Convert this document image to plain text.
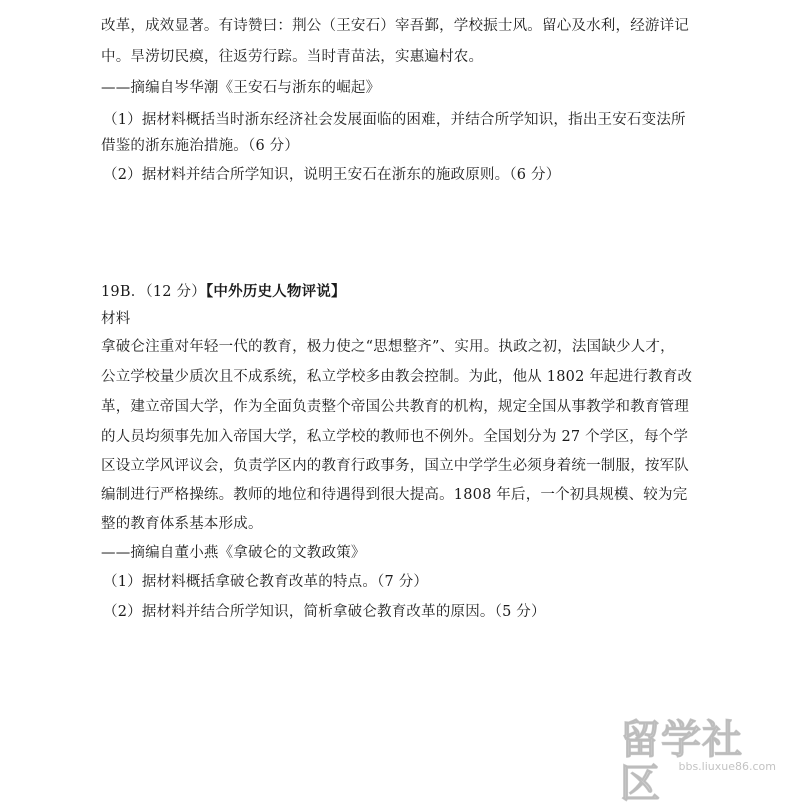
改革，成效显著。有诗赞曰：荆公（王安石）宰吾鄞，学校振士风。留心及水利，经游详记
中。旱涝切民瘼，往返劳行踪。当时青苗法，实惠遍村农。
——摘编自岑华潮《王安石与浙东的崛起》
（1）据材料概括当时浙东经济社会发展面临的困难，并结合所学知识，指出王安石变法所
借鉴的浙东施治措施。（6 分）
（2）据材料并结合所学知识，说明王安石在浙东的施政原则。（6 分）
19B．（12 分）【中外历史人物评说】
材料
拿破仑注重对年轻一代的教育，极力使之“思想整齐”、实用。执政之初，法国缺少人才，
公立学校量少质次且不成系统，私立学校多由教会控制。为此，他从 1802 年起进行教育改
革，建立帝国大学，作为全面负责整个帝国公共教育的机构，规定全国从事教学和教育管理
的人员均须事先加入帝国大学，私立学校的教师也不例外。全国划分为 27 个学区，每个学
区设立学风评议会，负责学区内的教育行政事务，国立中学学生必须身着统一制服，按军队
编制进行严格操练。教师的地位和待遇得到很大提高。1808 年后，一个初具规模、较为完
整的教育体系基本形成。
——摘编自董小燕《拿破仑的文教政策》
（1）据材料概括拿破仑教育改革的特点。（7 分）
（2）据材料并结合所学知识，简析拿破仑教育改革的原因。（5 分）
留学社区	bbs.liuxue86.com
